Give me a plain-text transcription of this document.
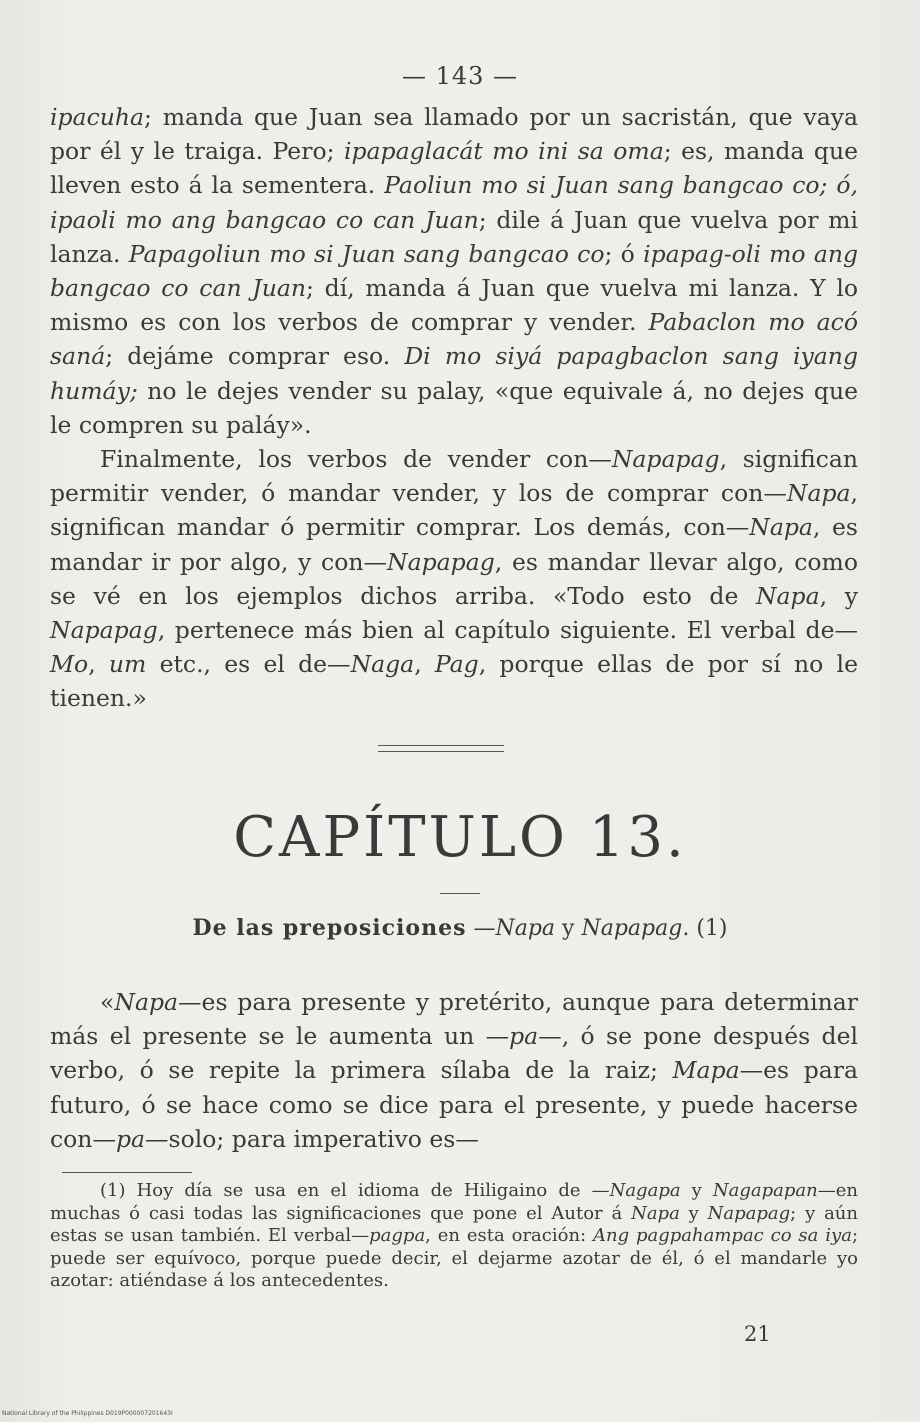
— 143 —

ipacuha; manda que Juan sea llamado por un sacristán, que vaya por él y le traiga. Pero; ipapaglacát mo ini sa oma; es, manda que lleven esto á la sementera. Paoliun mo si Juan sang bangcao co; ó, ipaoli mo ang bangcao co can Juan; dile á Juan que vuelva por mi lanza. Papagoliun mo si Juan sang bangcao co; ó ipapag-oli mo ang bangcao co can Juan; dí, manda á Juan que vuelva mi lanza. Y lo mismo es con los verbos de comprar y vender. Pabaclon mo acó saná; dejáme comprar eso. Di mo siyá papagbaclon sang iyang humáy; no le dejes vender su palay, «que equivale á, no dejes que le compren su paláy».

Finalmente, los verbos de vender con—Napapag, significan permitir vender, ó mandar vender, y los de comprar con—Napa, significan mandar ó permitir comprar. Los demás, con—Napa, es mandar ir por algo, y con—Napapag, es mandar llevar algo, como se vé en los ejemplos dichos arriba. «Todo esto de Napa, y Napapag, pertenece más bien al capítulo siguiente. El verbal de—Mo, um etc., es el de—Naga, Pag, porque ellas de por sí no le tienen.»

CAPÍTULO 13.
De las preposiciones —Napa y Napapag. (1)

«Napa—es para presente y pretérito, aunque para determinar más el presente se le aumenta un —pa—, ó se pone después del verbo, ó se repite la primera sílaba de la raiz; Mapa—es para futuro, ó se hace como se dice para el presente, y puede hacerse con—pa—solo; para imperativo es—

(1) Hoy día se usa en el idioma de Hiligaino de —Nagapa y Nagapapan—en muchas ó casi todas las significaciones que pone el Autor á Napa y Napapag; y aún estas se usan también. El verbal—pagpa, en esta oración: Ang pagpahampac co sa iya; puede ser equívoco, porque puede decir, el dejarme azotar de él, ó el mandarle yo azotar: atiéndase á los antecedentes.

21
National Library of the Philippines D019P000007201643I
